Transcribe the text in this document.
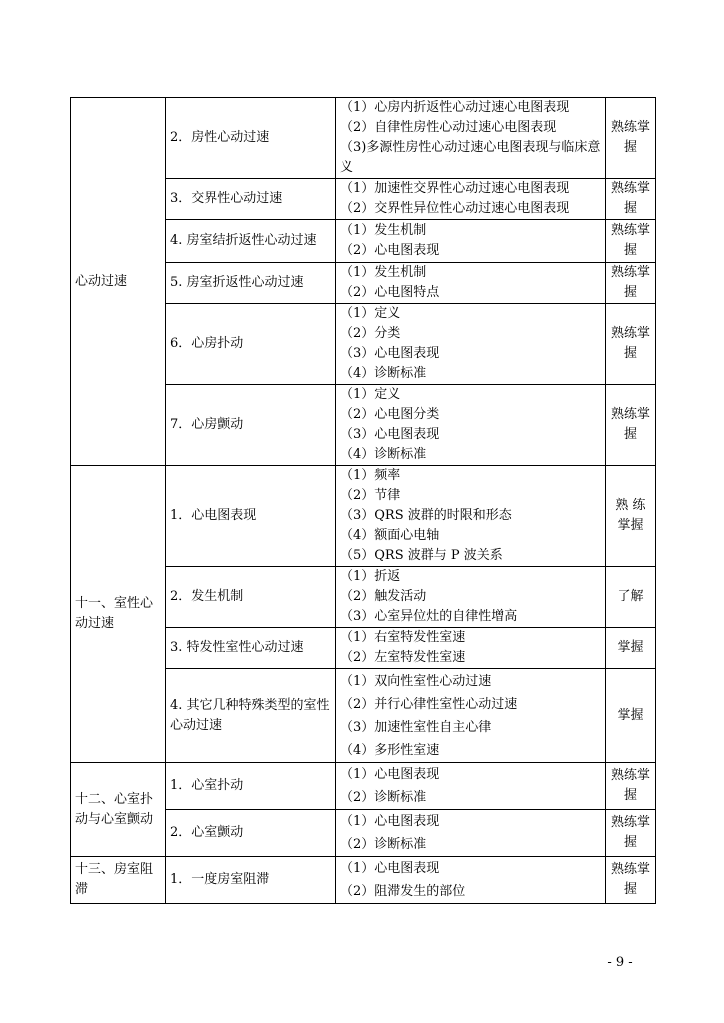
心动过速	2．房性心动过速	（1）心房内折返性心动过速心电图表现
（2）自律性房性心动过速心电图表现
（3)多源性房性心动过速心电图表现与临床意义	熟练掌握
	3．交界性心动过速	（1）加速性交界性心动过速心电图表现
（2）交界性异位性心动过速心电图表现	熟练掌握
	4. 房室结折返性心动过速	（1）发生机制
（2）心电图表现	熟练掌握
	5. 房室折返性心动过速	（1）发生机制
（2）心电图特点	熟练掌握
	6．心房扑动	（1）定义
（2）分类
（3）心电图表现
（4）诊断标准	熟练掌握
	7．心房颤动	（1）定义
（2）心电图分类
（3）心电图表现
（4）诊断标准	熟练掌握
十一、室性心动过速	1．心电图表现	（1）频率
（2）节律
（3）QRS 波群的时限和形态
（4）额面心电轴
（5）QRS 波群与 P 波关系	熟 练掌握
	2．发生机制	（1）折返
（2）触发活动
（3）心室异位灶的自律性增高	了解
	3. 特发性室性心动过速	（1）右室特发性室速
（2）左室特发性室速	掌握
	4. 其它几种特殊类型的室性心动过速	（1）双向性室性心动过速
（2）并行心律性室性心动过速
（3）加速性室性自主心律
（4）多形性室速	掌握
十二、心室扑动与心室颤动	1．心室扑动	（1）心电图表现
（2）诊断标准	熟练掌握
	2．心室颤动	（1）心电图表现
（2）诊断标准	熟练掌握
十三、房室阻滞	1．一度房室阻滞	（1）心电图表现
（2）阻滞发生的部位	熟练掌握
- 9 -
